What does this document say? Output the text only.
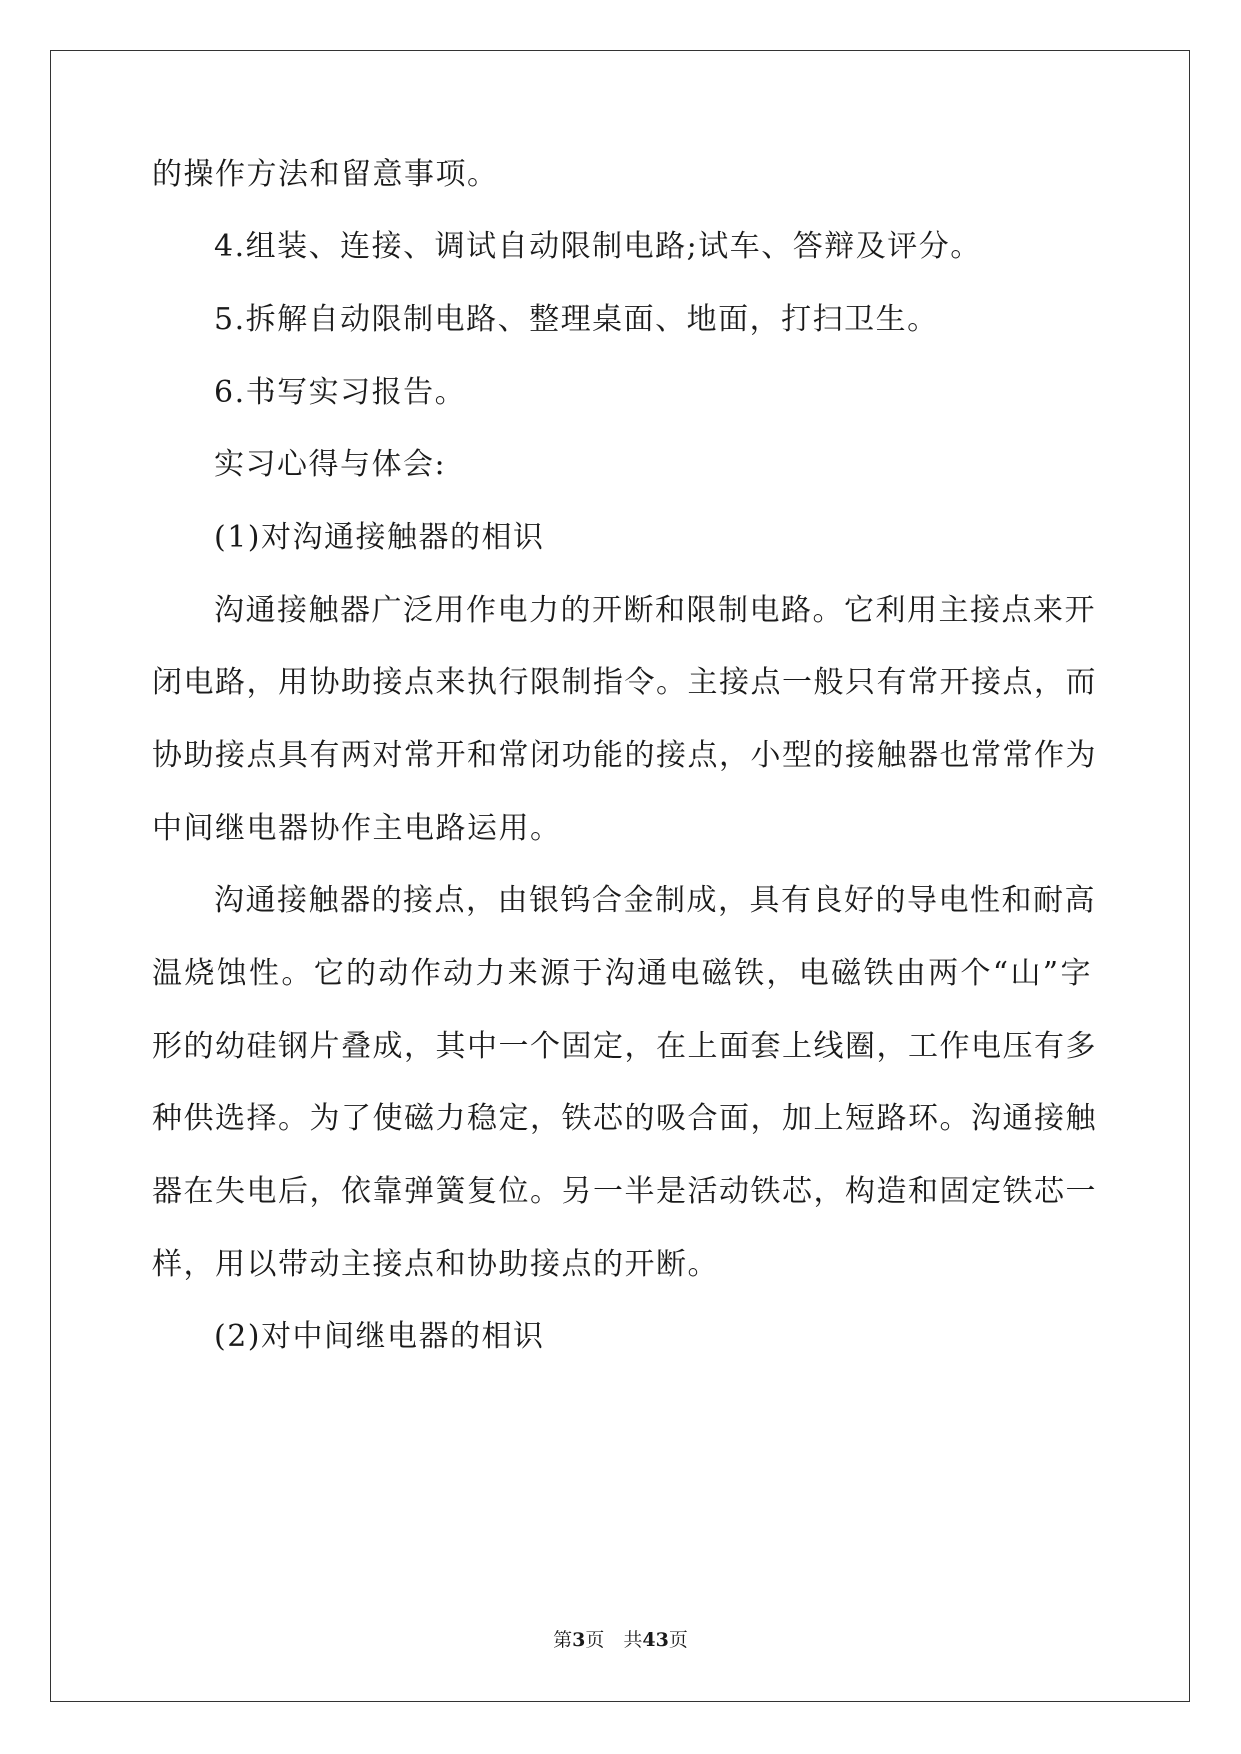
的操作方法和留意事项。
4.组装、连接、调试自动限制电路;试车、答辩及评分。
5.拆解自动限制电路、整理桌面、地面，打扫卫生。
6.书写实习报告。
实习心得与体会:
(1)对沟通接触器的相识
沟通接触器广泛用作电力的开断和限制电路。它利用主接点来开
闭电路，用协助接点来执行限制指令。主接点一般只有常开接点，而
协助接点具有两对常开和常闭功能的接点，小型的接触器也常常作为
中间继电器协作主电路运用。
沟通接触器的接点，由银钨合金制成，具有良好的导电性和耐高
温烧蚀性。它的动作动力来源于沟通电磁铁，电磁铁由两个“山”字
形的幼硅钢片叠成，其中一个固定，在上面套上线圈，工作电压有多
种供选择。为了使磁力稳定，铁芯的吸合面，加上短路环。沟通接触
器在失电后，依靠弹簧复位。另一半是活动铁芯，构造和固定铁芯一
样，用以带动主接点和协助接点的开断。
(2)对中间继电器的相识
第3页　共43页
